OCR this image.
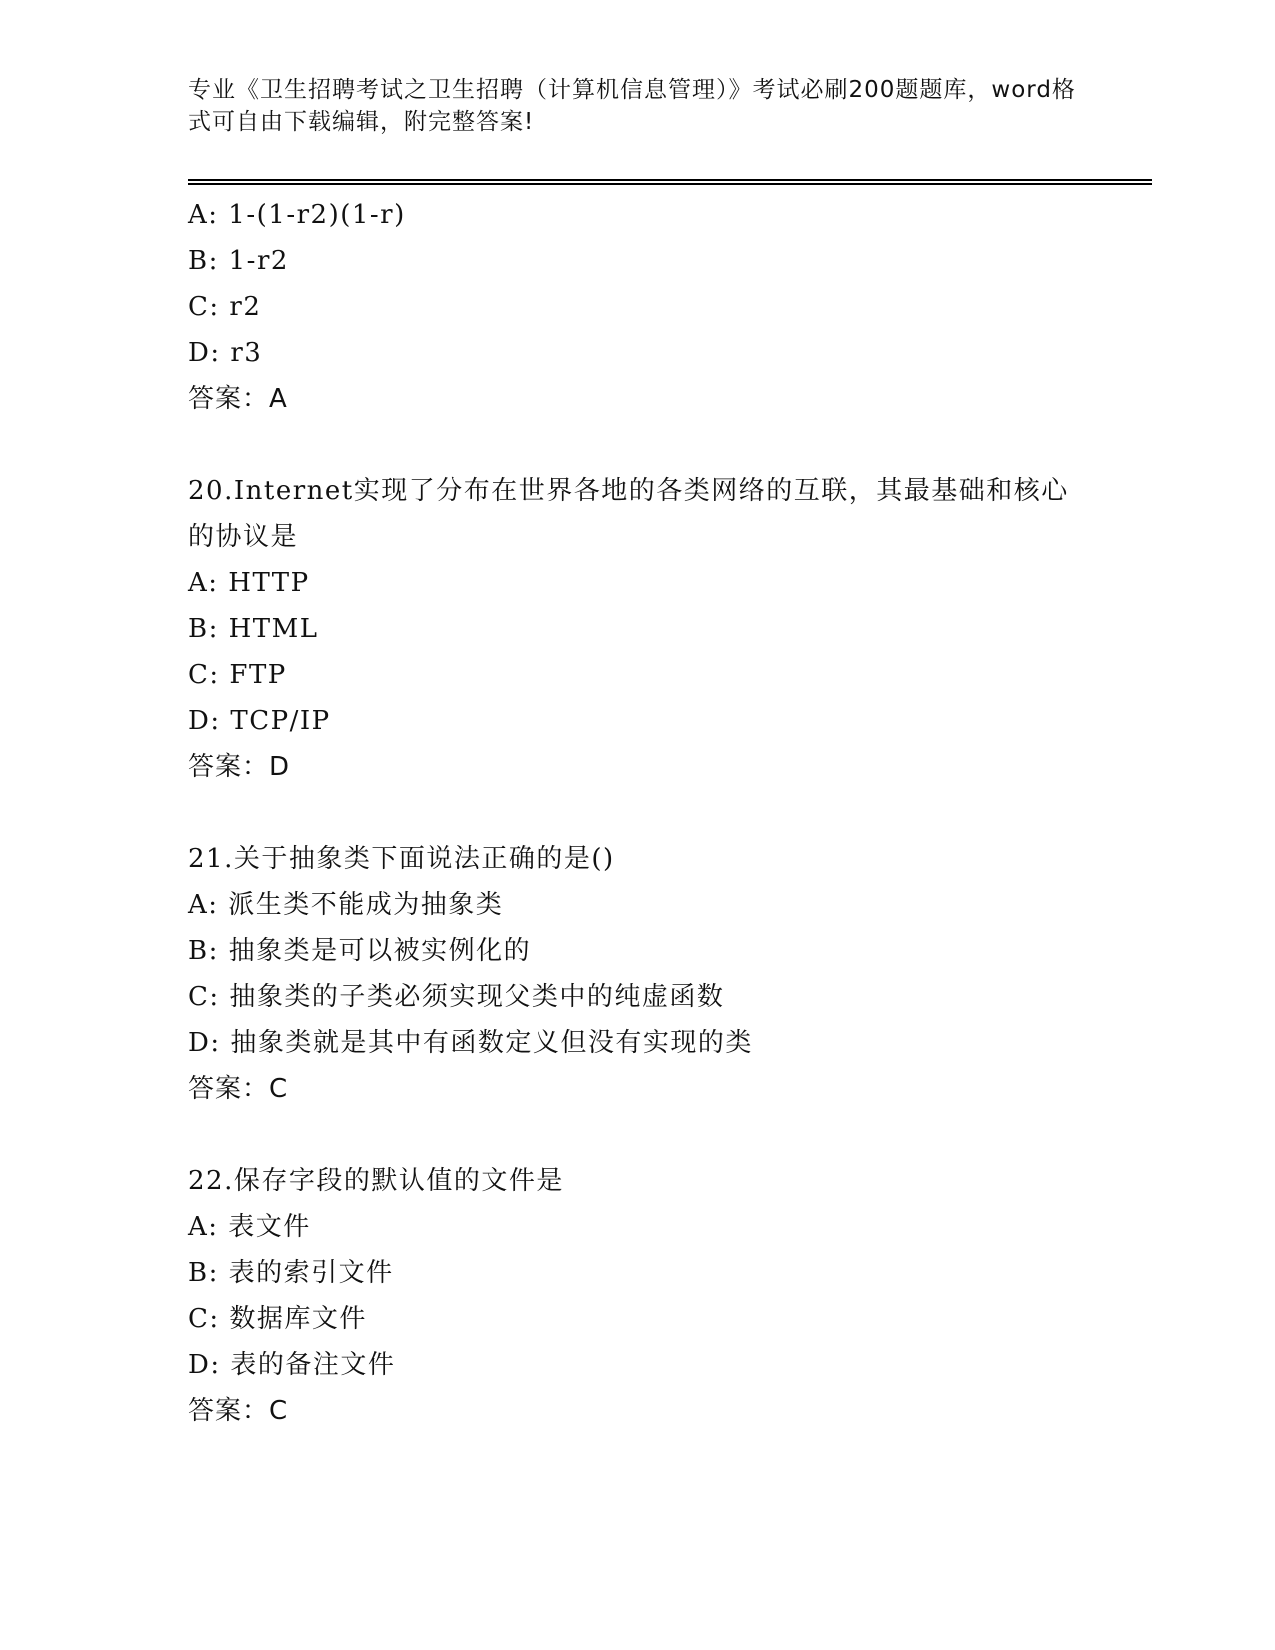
专业《卫生招聘考试之卫生招聘（计算机信息管理）》考试必刷200题题库，word格式可自由下载编辑，附完整答案!
A: 1-(1-r2)(1-r)
B: 1-r2
C: r2
D: r3
答案：A
20.Internet实现了分布在世界各地的各类网络的互联，其最基础和核心的协议是
A: HTTP
B: HTML
C: FTP
D: TCP/IP
答案：D
21.关于抽象类下面说法正确的是()
A: 派生类不能成为抽象类
B: 抽象类是可以被实例化的
C: 抽象类的子类必须实现父类中的纯虚函数
D: 抽象类就是其中有函数定义但没有实现的类
答案：C
22.保存字段的默认值的文件是
A: 表文件
B: 表的索引文件
C: 数据库文件
D: 表的备注文件
答案：C
